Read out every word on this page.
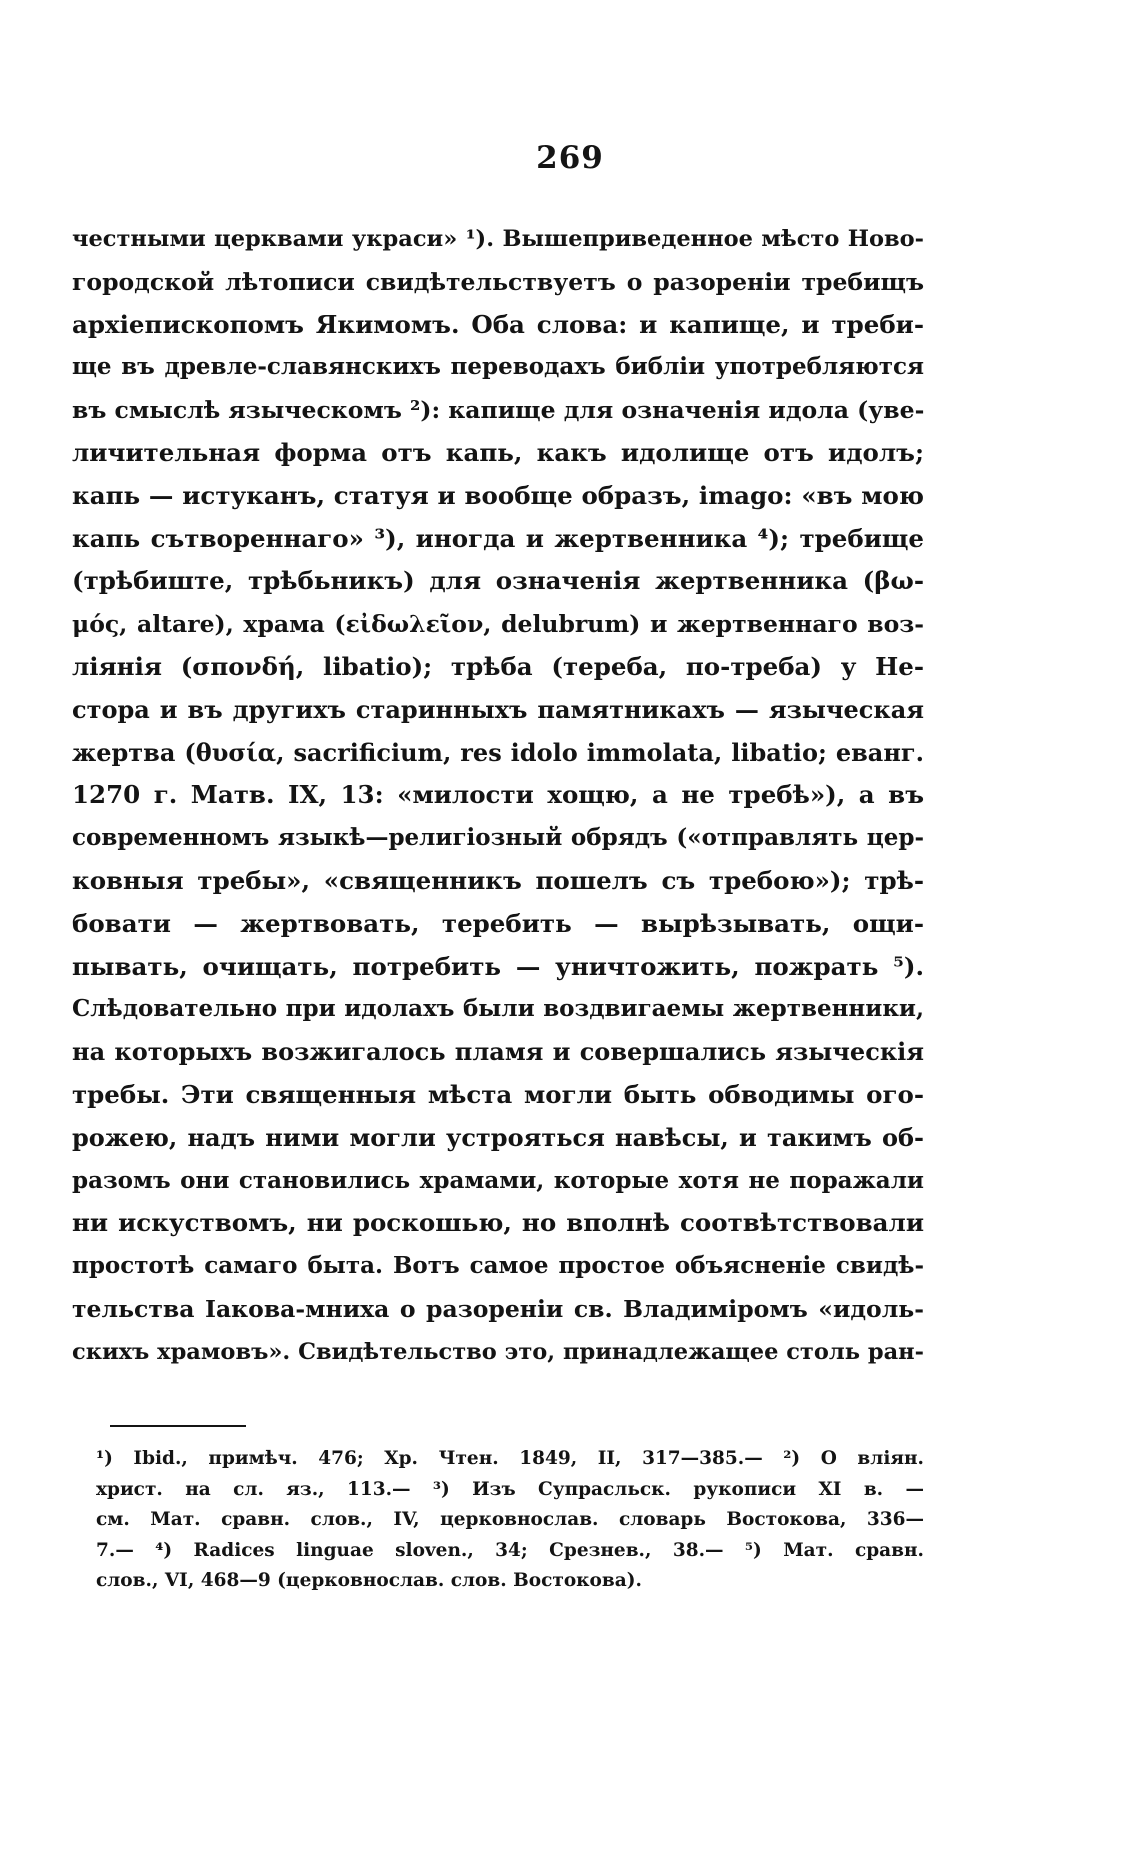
269
честными церквами украси» ¹). Вышеприведенное мѣсто Ново-
городской лѣтописи свидѣтельствуетъ о разореніи требищъ
архіепископомъ Якимомъ. Оба слова: и капище, и треби-
ще въ древле-славянскихъ переводахъ библіи употребляются
въ смыслѣ языческомъ ²): капище для означенія идола (уве-
личительная форма отъ капь, какъ идолище отъ идолъ;
капь — истуканъ, статуя и вообще образъ, imago: «въ мою
капь сътвореннаго» ³), иногда и жертвенника ⁴); требище
(трѣбиште, трѣбьникъ) для означенія жертвенника (βω-
μός, altare), храма (εἰδωλεῖον, delubrum) и жертвеннаго воз-
ліянія (σπονδή, libatio); трѣба (тереба, по-треба) у Не-
стора и въ другихъ старинныхъ памятникахъ — языческая
жертва (θυσία, sacrificium, res idolo immolata, libatio; еванг.
1270 г. Матв. IX, 13: «милости хощю, а не требѣ»), а въ
современномъ языкѣ—религіозный обрядъ («отправлять цер-
ковныя требы», «священникъ пошелъ съ требою»); трѣ-
бовати — жертвовать, теребить — вырѣзывать, ощи-
пывать, очищать, потребить — уничтожить, пожрать ⁵).
Слѣдовательно при идолахъ были воздвигаемы жертвенники,
на которыхъ возжигалось пламя и совершались языческія
требы. Эти священныя мѣста могли быть обводимы ого-
рожею, надъ ними могли устрояться навѣсы, и такимъ об-
разомъ они становились храмами, которые хотя не поражали
ни искуствомъ, ни роскошью, но вполнѣ соотвѣтствовали
простотѣ самаго быта. Вотъ самое простое объясненіе свидѣ-
тельства Іакова-мниха о разореніи св. Владиміромъ «идоль-
скихъ храмовъ». Свидѣтельство это, принадлежащее столь ран-
¹) Ibid., примѣч. 476; Хр. Чтен. 1849, II, 317—385.— ²) О вліян.
христ. на сл. яз., 113.— ³) Изъ Супрасльск. рукописи XI в. —
см. Мат. сравн. слов., IV, церковнослав. словарь Востокова, 336—
7.— ⁴) Radices linguae sloven., 34; Срезнев., 38.— ⁵) Мат. сравн.
слов., VI, 468—9 (церковнослав. слов. Востокова).
